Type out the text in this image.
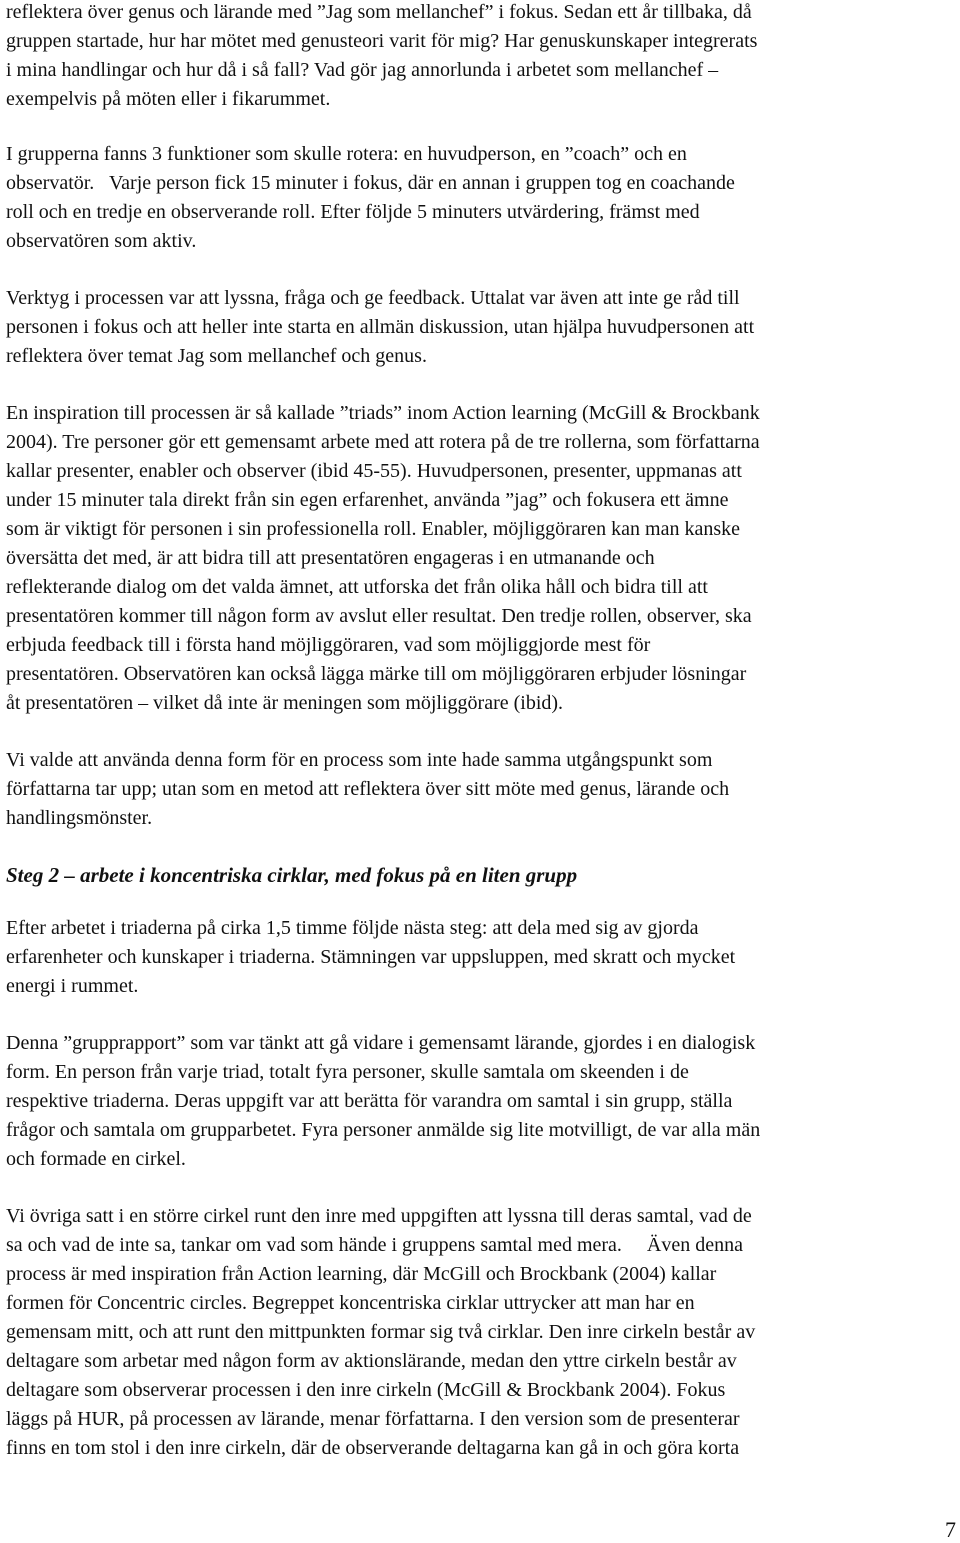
reflektera över genus och lärande med ”Jag som mellanchef” i fokus. Sedan ett år tillbaka, då
gruppen startade, hur har mötet med genusteori varit för mig? Har genuskunskaper integrerats
i mina handlingar och hur då i så fall? Vad gör jag annorlunda i arbetet som mellanchef –
exempelvis på möten eller i fikarummet.

I grupperna fanns 3 funktioner som skulle rotera: en huvudperson, en ”coach” och en
observatör.   Varje person fick 15 minuter i fokus, där en annan i gruppen tog en coachande
roll och en tredje en observerande roll. Efter följde 5 minuters utvärdering, främst med
observatören som aktiv.

Verktyg i processen var att lyssna, fråga och ge feedback. Uttalat var även att inte ge råd till
personen i fokus och att heller inte starta en allmän diskussion, utan hjälpa huvudpersonen att
reflektera över temat Jag som mellanchef och genus.

En inspiration till processen är så kallade ”triads” inom Action learning (McGill & Brockbank
2004). Tre personer gör ett gemensamt arbete med att rotera på de tre rollerna, som författarna
kallar presenter, enabler och observer (ibid 45-55). Huvudpersonen, presenter, uppmanas att
under 15 minuter tala direkt från sin egen erfarenhet, använda ”jag” och fokusera ett ämne
som är viktigt för personen i sin professionella roll. Enabler, möjliggöraren kan man kanske
översätta det med, är att bidra till att presentatören engageras i en utmanande och
reflekterande dialog om det valda ämnet, att utforska det från olika håll och bidra till att
presentatören kommer till någon form av avslut eller resultat. Den tredje rollen, observer, ska
erbjuda feedback till i första hand möjliggöraren, vad som möjliggjorde mest för
presentatören. Observatören kan också lägga märke till om möjliggöraren erbjuder lösningar
åt presentatören – vilket då inte är meningen som möjliggörare (ibid).

Vi valde att använda denna form för en process som inte hade samma utgångspunkt som
författarna tar upp; utan som en metod att reflektera över sitt möte med genus, lärande och
handlingsmönster.

Steg 2 – arbete i koncentriska cirklar, med fokus på en liten grupp

Efter arbetet i triaderna på cirka 1,5 timme följde nästa steg: att dela med sig av gjorda
erfarenheter och kunskaper i triaderna. Stämningen var uppsluppen, med skratt och mycket
energi i rummet.

Denna ”grupprapport” som var tänkt att gå vidare i gemensamt lärande, gjordes i en dialogisk
form. En person från varje triad, totalt fyra personer, skulle samtala om skeenden i de
respektive triaderna. Deras uppgift var att berätta för varandra om samtal i sin grupp, ställa
frågor och samtala om grupparbetet. Fyra personer anmälde sig lite motvilligt, de var alla män
och formade en cirkel.

Vi övriga satt i en större cirkel runt den inre med uppgiften att lyssna till deras samtal, vad de
sa och vad de inte sa, tankar om vad som hände i gruppens samtal med mera.     Även denna
process är med inspiration från Action learning, där McGill och Brockbank (2004) kallar
formen för Concentric circles. Begreppet koncentriska cirklar uttrycker att man har en
gemensam mitt, och att runt den mittpunkten formar sig två cirklar. Den inre cirkeln består av
deltagare som arbetar med någon form av aktionslärande, medan den yttre cirkeln består av
deltagare som observerar processen i den inre cirkeln (McGill & Brockbank 2004). Fokus
läggs på HUR, på processen av lärande, menar författarna. I den version som de presenterar
finns en tom stol i den inre cirkeln, där de observerande deltagarna kan gå in och göra korta

7
